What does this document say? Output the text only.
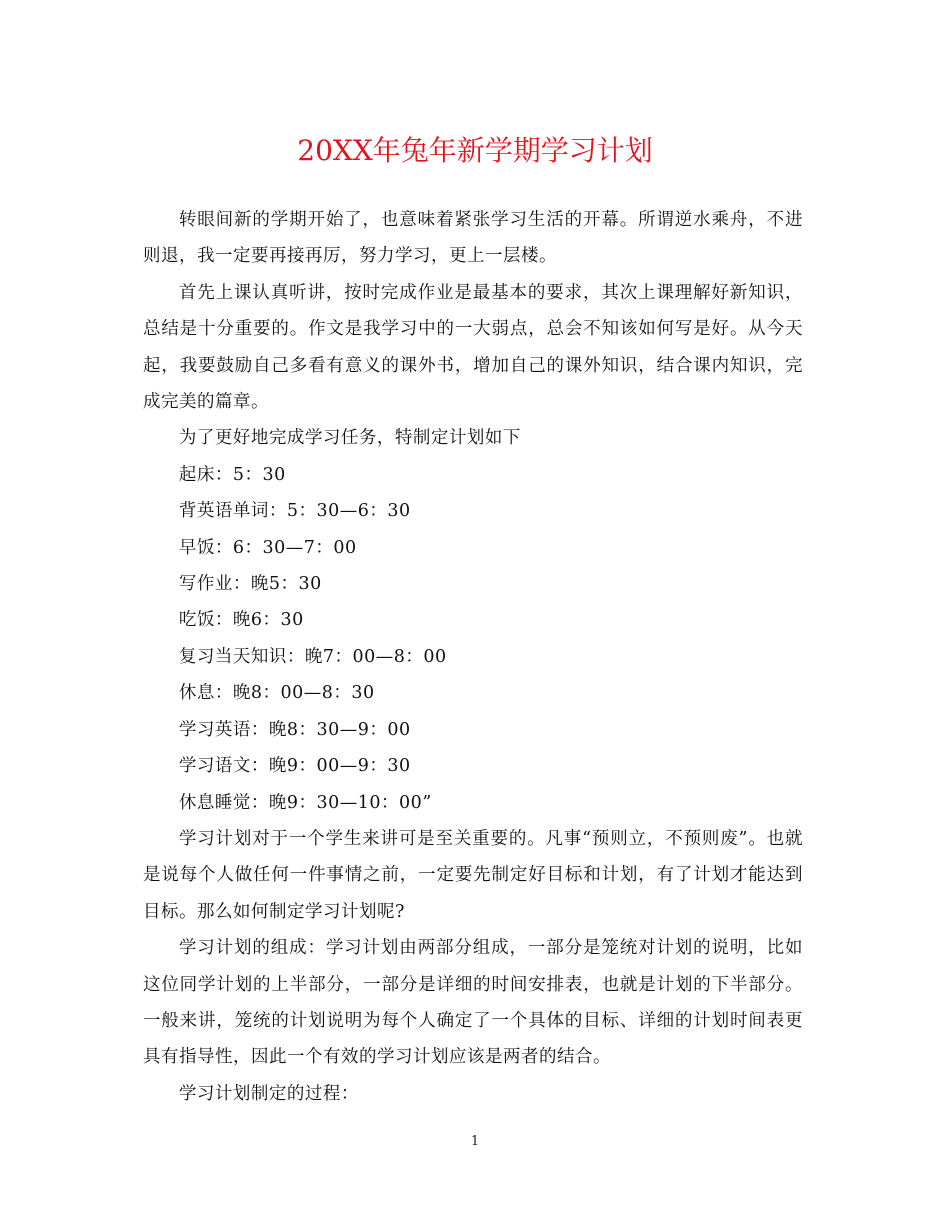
20XX年兔年新学期学习计划

转眼间新的学期开始了，也意味着紧张学习生活的开幕。所谓逆水乘舟，不进则退，我一定要再接再厉，努力学习，更上一层楼。

首先上课认真听讲，按时完成作业是最基本的要求，其次上课理解好新知识，总结是十分重要的。作文是我学习中的一大弱点，总会不知该如何写是好。从今天起，我要鼓励自己多看有意义的课外书，增加自己的课外知识，结合课内知识，完成完美的篇章。

为了更好地完成学习任务，特制定计划如下

起床：5：30

背英语单词：5：30—6：30

早饭：6：30—7：00

写作业：晚5：30

吃饭：晚6：30

复习当天知识：晚7：00—8：00

休息：晚8：00—8：30

学习英语：晚8：30—9：00

学习语文：晚9：00—9：30

休息睡觉：晚9：30—10：00”

学习计划对于一个学生来讲可是至关重要的。凡事“预则立，不预则废”。也就是说每个人做任何一件事情之前，一定要先制定好目标和计划，有了计划才能达到目标。那么如何制定学习计划呢?

学习计划的组成：学习计划由两部分组成，一部分是笼统对计划的说明，比如这位同学计划的上半部分，一部分是详细的时间安排表，也就是计划的下半部分。一般来讲，笼统的计划说明为每个人确定了一个具体的目标、详细的计划时间表更具有指导性，因此一个有效的学习计划应该是两者的结合。

学习计划制定的过程：

1
